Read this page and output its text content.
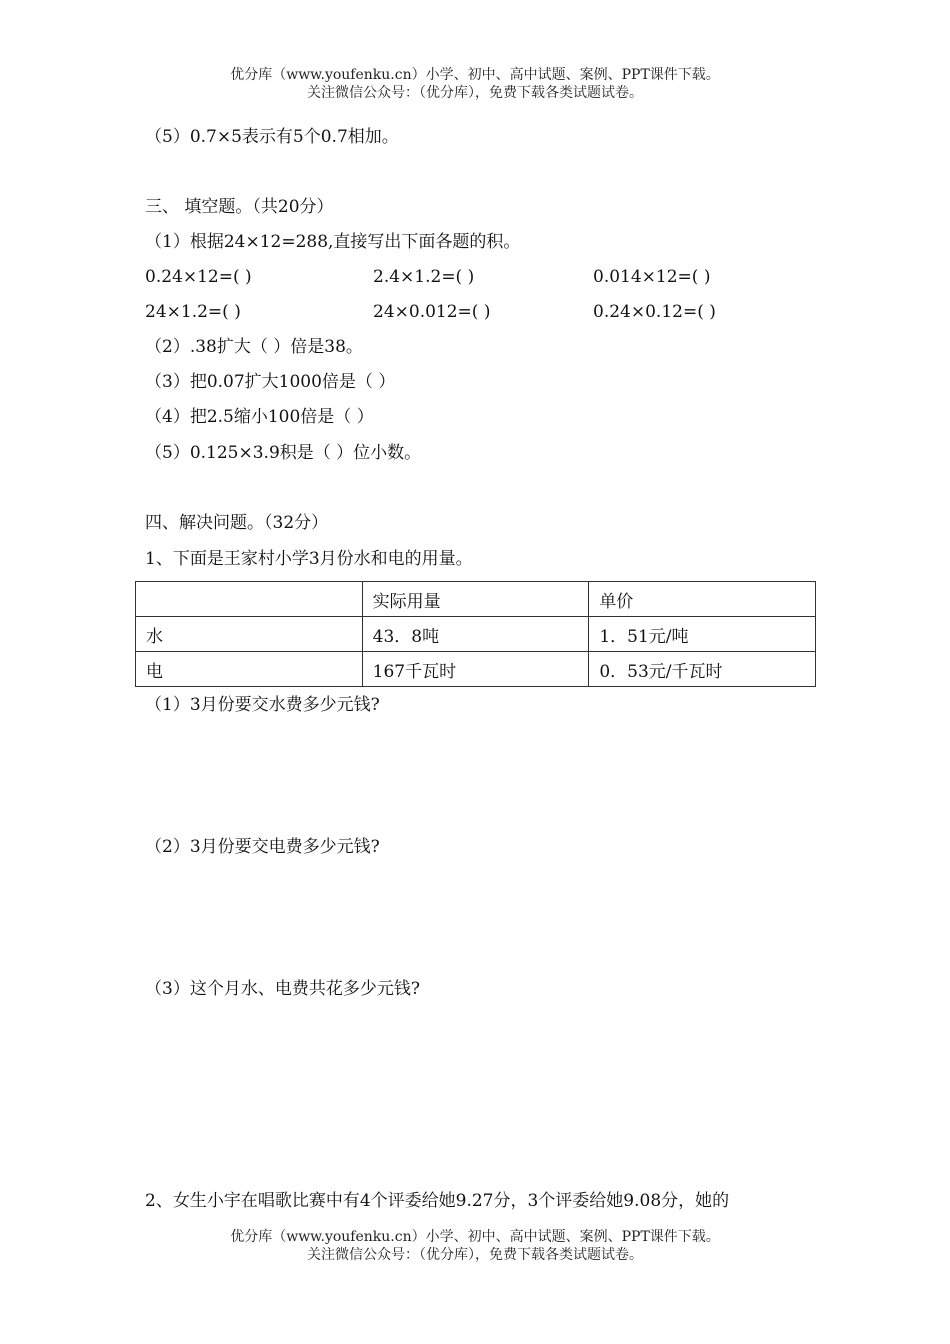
优分库（www.youfenku.cn）小学、初中、高中试题、案例、PPT课件下载。
关注微信公众号：（优分库），免费下载各类试题试卷。
（5）0.7×5表示有5个0.7相加。
三、 填空题。（共20分）
（1）根据24×12=288,直接写出下面各题的积。
0.24×12=( )	2.4×1.2=( )	0.014×12=( )
24×1.2=( )	24×0.012=( )	0.24×0.12=( )
（2）.38扩大（ ）倍是38。
（3）把0.07扩大1000倍是（ ）
（4）把2.5缩小100倍是（ ）
（5）0.125×3.9积是（ ）位小数。
四、解决问题。（32分）
1、下面是王家村小学3月份水和电的用量。
	实际用量	单价
水	43．8吨	1．51元/吨
电	167千瓦时	0．53元/千瓦时
（1）3月份要交水费多少元钱?
（2）3月份要交电费多少元钱?
（3）这个月水、电费共花多少元钱?
2、女生小宇在唱歌比赛中有4个评委给她9.27分，3个评委给她9.08分，她的
优分库（www.youfenku.cn）小学、初中、高中试题、案例、PPT课件下载。
关注微信公众号：（优分库），免费下载各类试题试卷。
